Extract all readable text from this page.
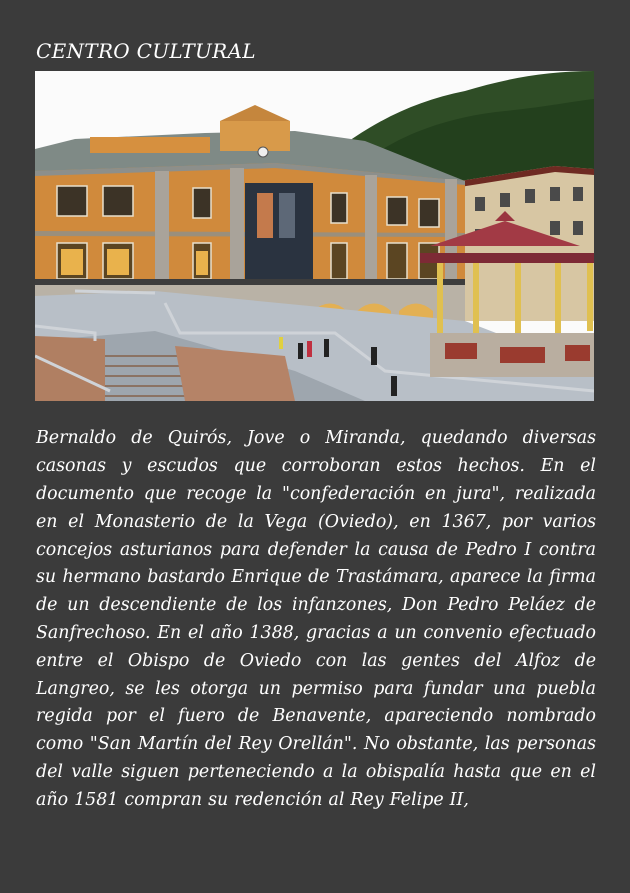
CENTRO CULTURAL

Bernaldo de Quirós, Jove o Miranda, quedando diversas casonas y escudos que corroboran estos hechos. En el documento que recoge la "confederación en jura", realizada en el Monasterio de la Vega (Oviedo), en 1367, por varios concejos asturianos para defender la causa de Pedro I contra su hermano bastardo Enrique de Trastámara, aparece la firma de un descendiente de los infanzones, Don Pedro Peláez de Sanfrechoso. En el año 1388, gracias a un convenio efectuado entre el Obispo de Oviedo con las gentes del Alfoz de Langreo, se les otorga un permiso para fundar una puebla regida por el fuero de Benavente, apareciendo nombrado como "San Martín del Rey Orellán". No obstante, las personas del valle siguen perteneciendo a la obispalía hasta que en el año 1581 compran su redención al Rey Felipe II,
